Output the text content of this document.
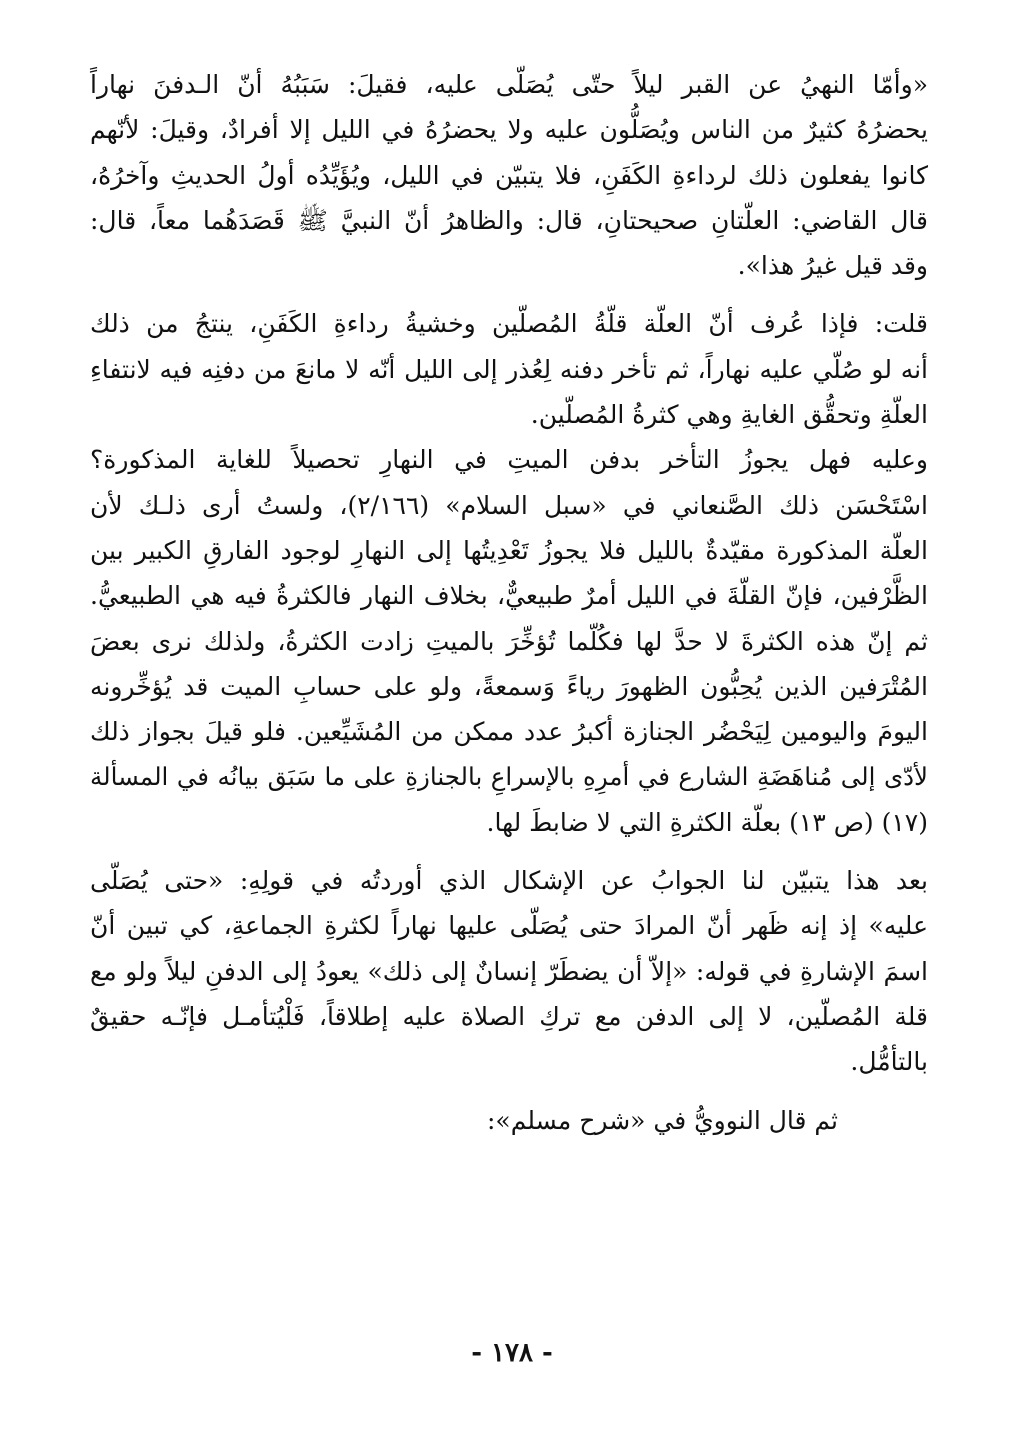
«وأمّا النهيُ عن القبر ليلاً حتّى يُصَلّى عليه، فقيلَ: سَبَبُهُ أنّ الـدفنَ نهاراً
يحضرُهُ كثيرٌ من الناس ويُصَلُّون عليه ولا يحضرُهُ في الليل إلا أفرادٌ، وقيلَ: لأنّهم
كانوا يفعلون ذلك لرداءةِ الكَفَنِ، فلا يتبيّن في الليل، ويُؤَيِّدُه أولُ الحديثِ وآخرُهُ،
قال القاضي: العلّتانِ صحيحتانِ، قال: والظاهرُ أنّ النبيَّ ﷺ قَصَدَهُما معاً، قال:
وقد قيل غيرُ هذا».

قلت: فإذا عُرف أنّ العلّة قلّةُ المُصلّين وخشيةُ رداءةِ الكَفَنِ، ينتجُ من ذلك
أنه لو صُلّي عليه نهاراً، ثم تأخر دفنه لِعُذر إلى الليل أنّه لا مانعَ من دفنِه فيه لانتفاءِ
العلّةِ وتحقُّق الغايةِ وهي كثرةُ المُصلّين.

وعليه فهل يجوزُ التأخر بدفن الميتِ في النهارِ تحصيلاً للغاية المذكورة؟
اسْتَحْسَن ذلك الصَّنعاني في «سبل السلام» (٢/١٦٦)، ولستُ أرى ذلـك لأن
العلّة المذكورة مقيّدةٌ بالليل فلا يجوزُ تَعْدِيتُها إلى النهارِ لوجود الفارقِ الكبير بين
الظَّرْفين، فإنّ القلّةَ في الليل أمرٌ طبيعيٌّ، بخلاف النهار فالكثرةُ فيه هي الطبيعيُّ.
ثم إنّ هذه الكثرةَ لا حدَّ لها فكُلّما تُؤخِّرَ بالميتِ زادت الكثرةُ، ولذلك نرى بعضَ
المُتْرَفين الذين يُحِبُّون الظهورَ رياءً وَسمعةً، ولو على حسابِ الميت قد يُؤخِّرونه
اليومَ واليومين لِيَحْضُر الجنازة أكبرُ عدد ممكن من المُشَيِّعين. فلو قيلَ بجواز ذلك
لأدّى إلى مُناهَضَةِ الشارع في أمرِهِ بالإسراعِ بالجنازةِ على ما سَبَق بيانُه في المسألة
(١٧) (ص ١٣) بعلّة الكثرةِ التي لا ضابطَ لها.

بعد هذا يتبيّن لنا الجوابُ عن الإشكال الذي أوردتُه في قولِهِ: «حتى يُصَلّى
عليه» إذ إنه ظَهر أنّ المرادَ حتى يُصَلّى عليها نهاراً لكثرةِ الجماعةِ، كي تبين أنّ
اسمَ الإشارةِ في قوله: «إلاّ أن يضطَرّ إنسانٌ إلى ذلك» يعودُ إلى الدفنِ ليلاً ولو مع
قلة المُصلّين، لا إلى الدفن مع تركِ الصلاة عليه إطلاقاً، فَلْيُتأمـل فإنّـه حقيقٌ
بالتأمُّل.

ثم قال النوويُّ في «شرح مسلم»:

- ١٧٨ -
